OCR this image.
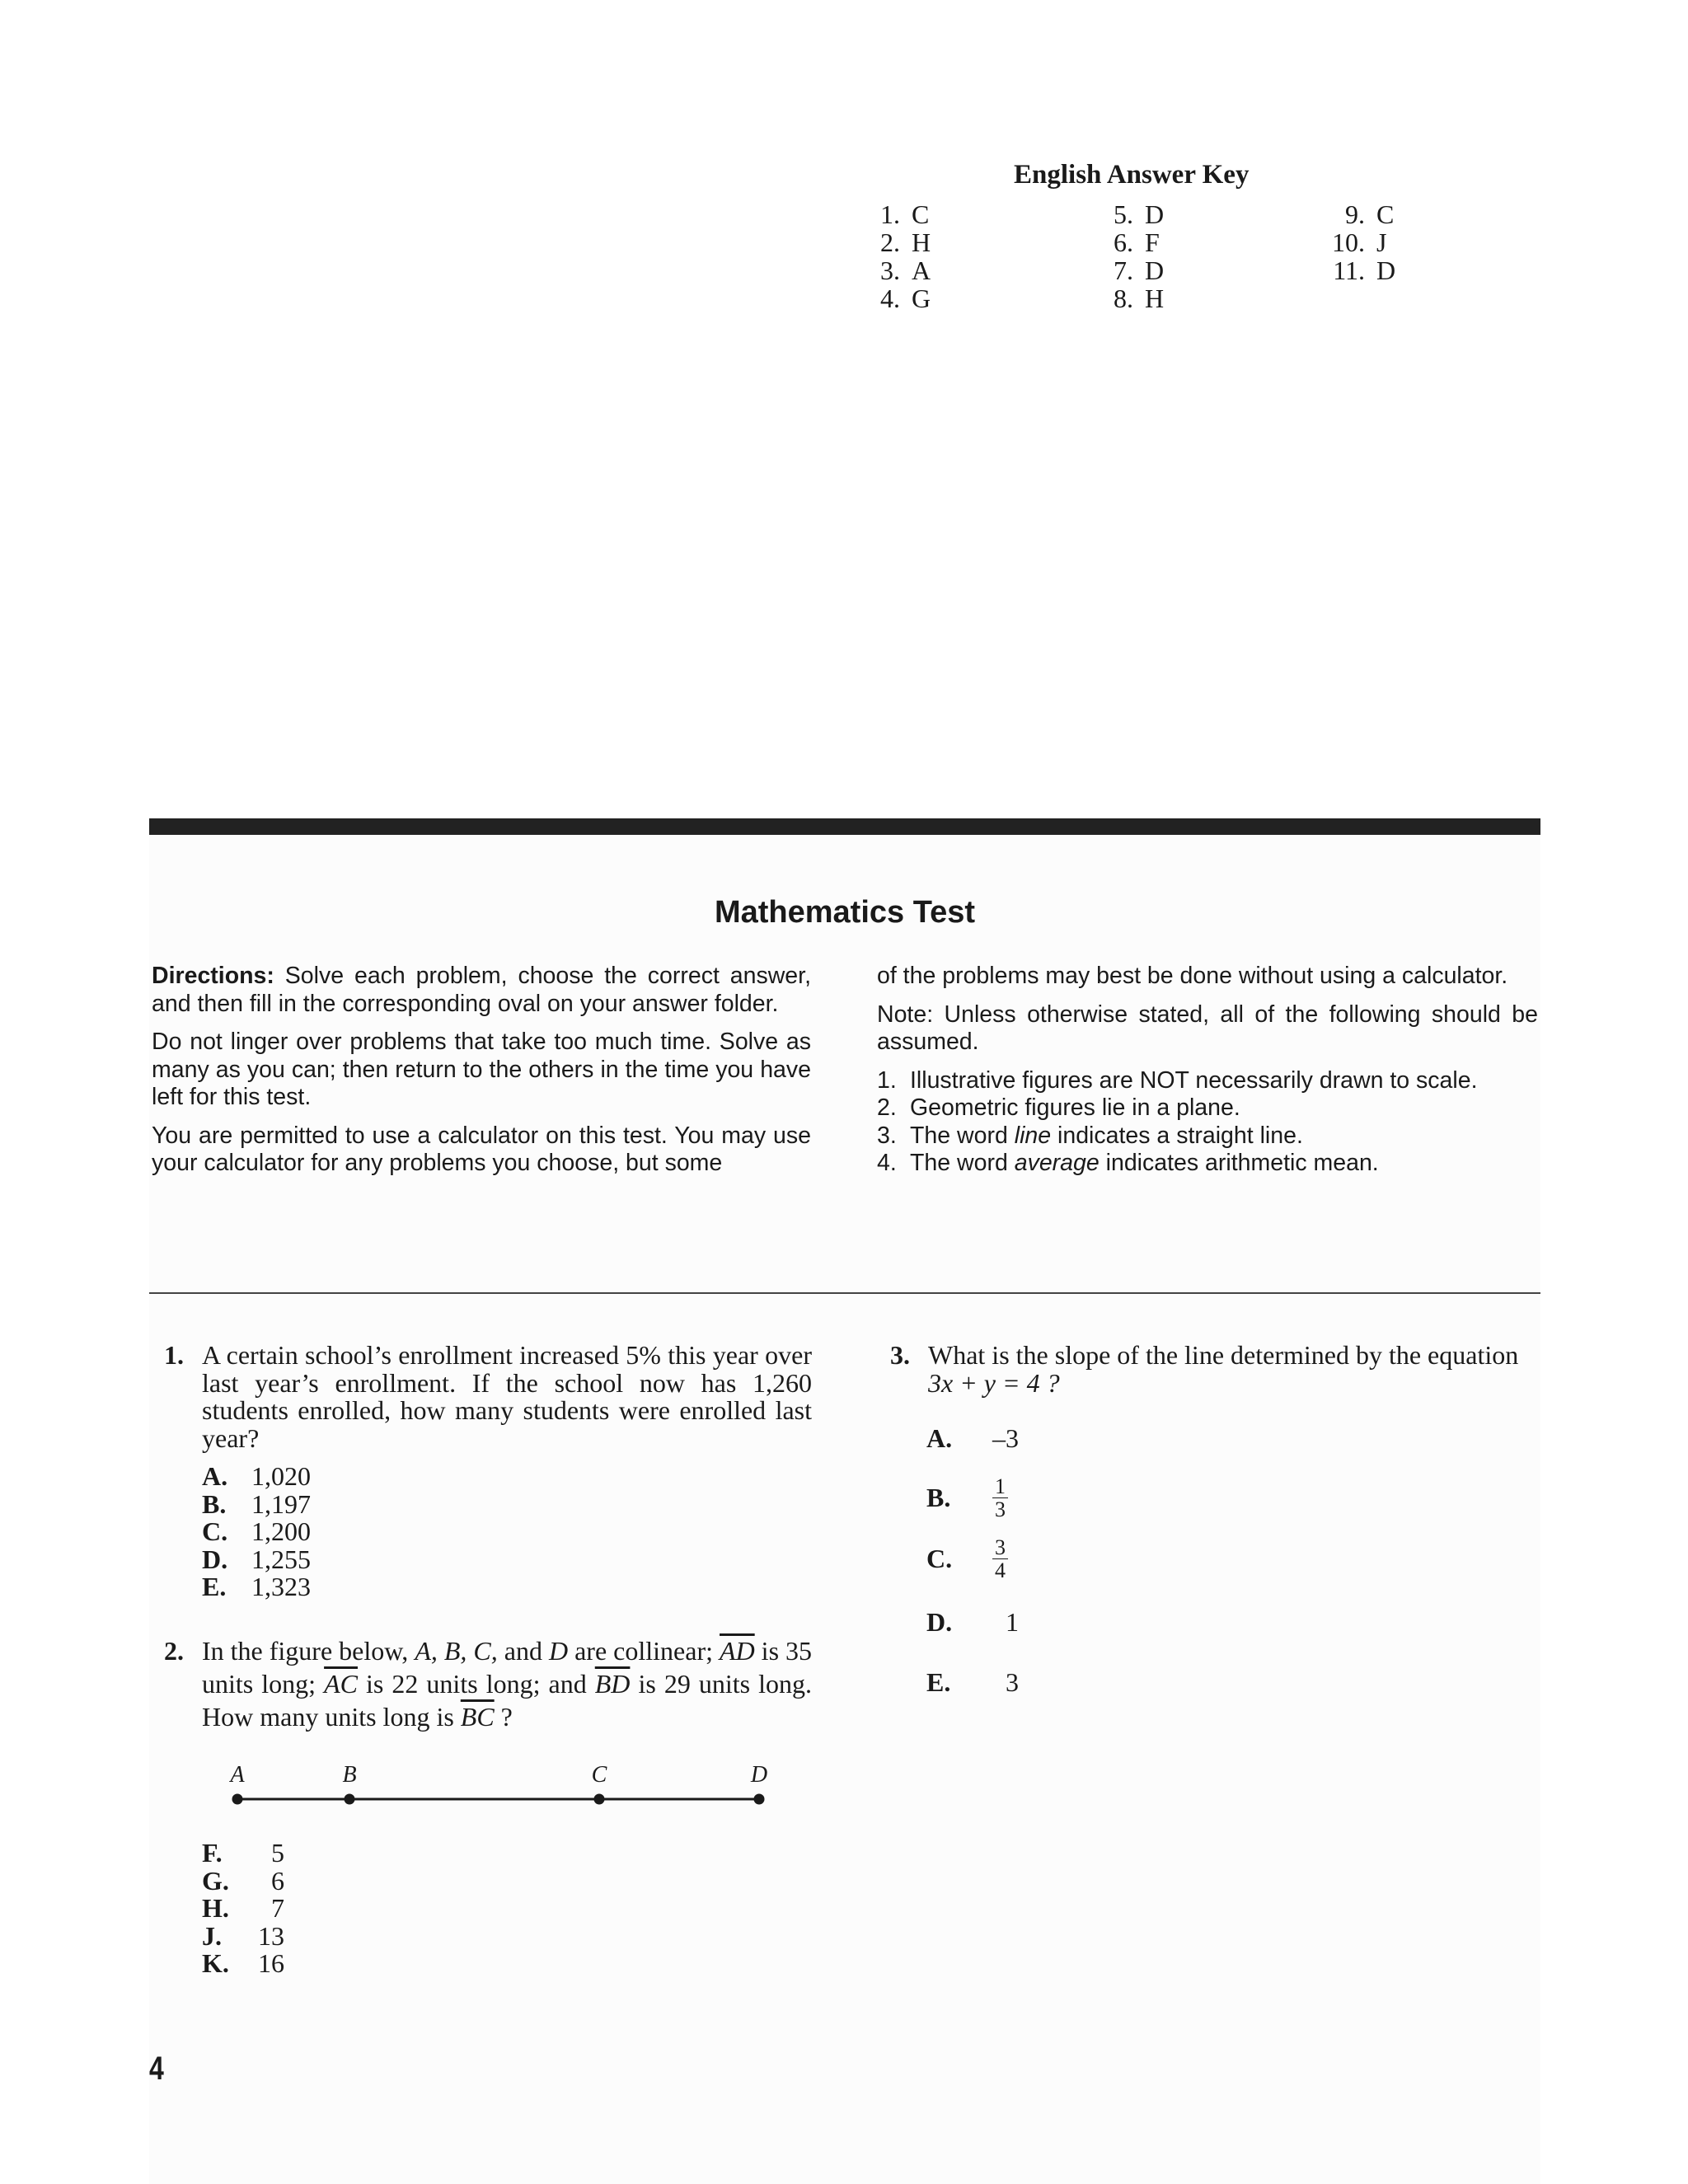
English Answer Key
1. C
2. H
3. A
4. G
5. D
6. F
7. D
8. H
9. C
10. J
11. D
Mathematics Test

Directions: Solve each problem, choose the correct answer, and then fill in the corresponding oval on your answer folder.

Do not linger over problems that take too much time. Solve as many as you can; then return to the others in the time you have left for this test.

You are permitted to use a calculator on this test. You may use your calculator for any problems you choose, but some

of the problems may best be done without using a calculator.

Note: Unless otherwise stated, all of the following should be assumed.

1. Illustrative figures are NOT necessarily drawn to scale.
2. Geometric figures lie in a plane.
3. The word line indicates a straight line.
4. The word average indicates arithmetic mean.
1. A certain school’s enrollment increased 5% this year over last year’s enrollment. If the school now has 1,260 students enrolled, how many students were enrolled last year?
A. 1,020
B. 1,197
C. 1,200
D. 1,255
E. 1,323
2. In the figure below, A, B, C, and D are collinear; $\overline{AD}$ is 35 units long; $\overline{AC}$ is 22 units long; and $\overline{BD}$ is 29 units long. How many units long is $\overline{BC}$ ?
A	B	C	D
F.	5
G.	6
H.	7
J.	13
K.	16
3. What is the slope of the line determined by the equation
3x + y = 4 ?
A.	–3
B.	$\frac{1}{3}$
C.	$\frac{3}{4}$
D.	1
E.	3
4
